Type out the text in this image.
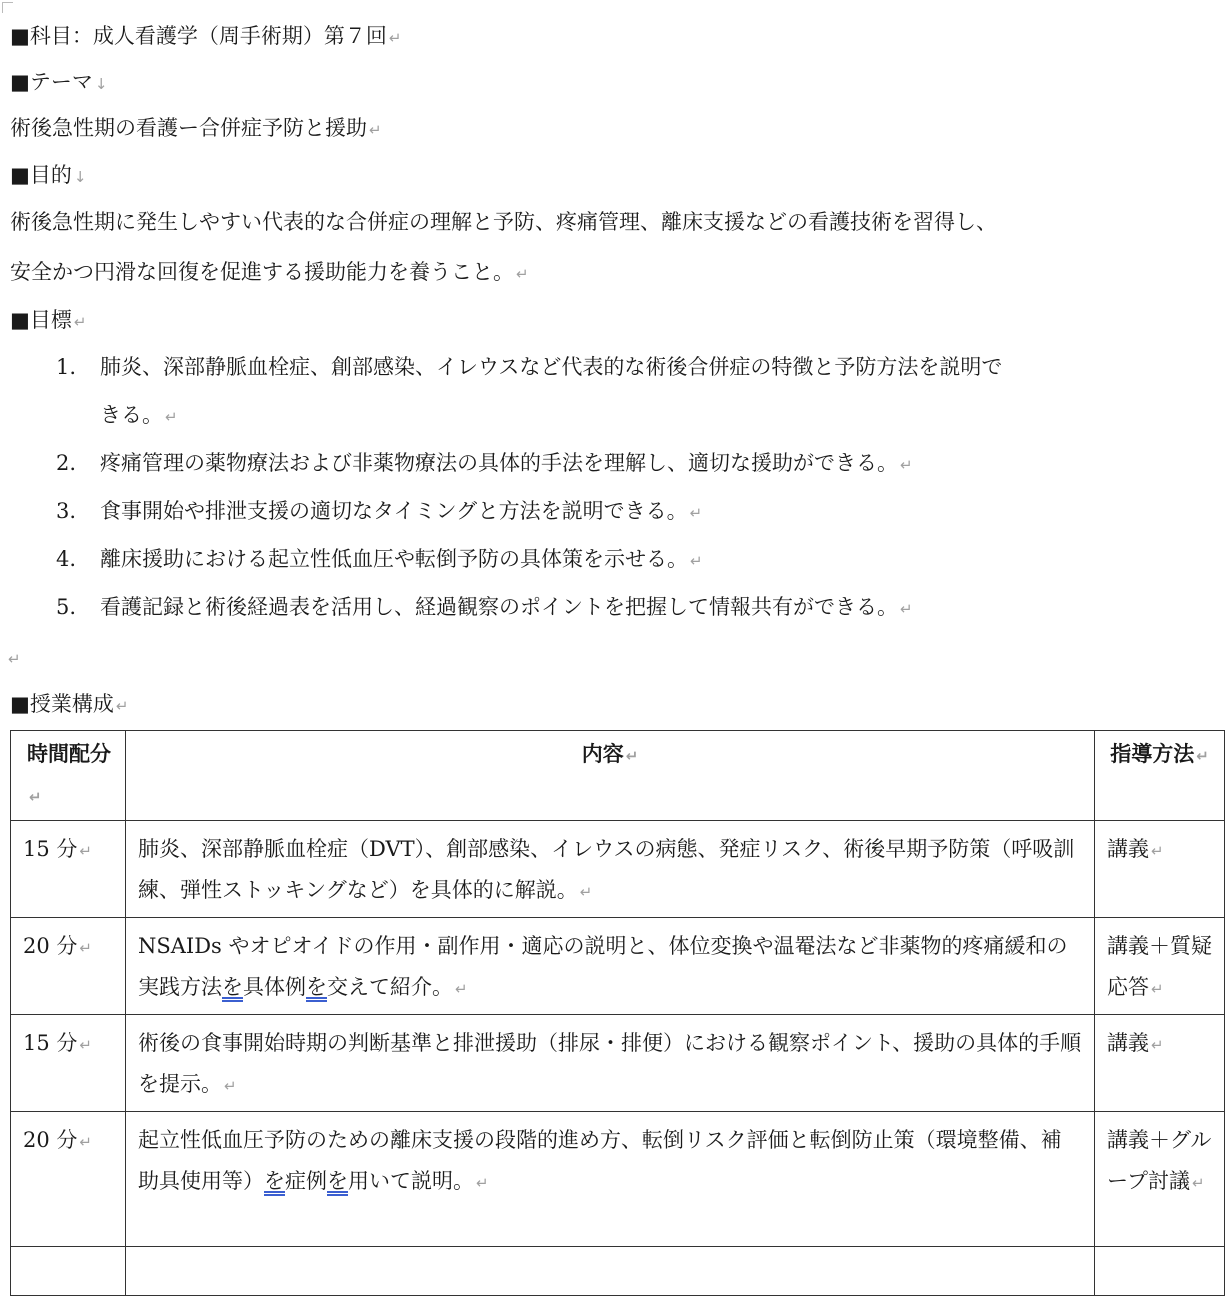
■科目：成人看護学（周手術期）第７回 ↵
■テーマ ↓
術後急性期の看護ー合併症予防と援助 ↵
■目的 ↓
術後急性期に発生しやすい代表的な合併症の理解と予防、疼痛管理、離床支援などの看護技術を習得し、
安全かつ円滑な回復を促進する援助能力を養うこと。 ↵
■目標 ↵
1. 肺炎、深部静脈血栓症、創部感染、イレウスなど代表的な術後合併症の特徴と予防方法を説明で
きる。 ↵
2. 疼痛管理の薬物療法および非薬物療法の具体的手法を理解し、適切な援助ができる。 ↵
3. 食事開始や排泄支援の適切なタイミングと方法を説明できる。 ↵
4. 離床援助における起立性低血圧や転倒予防の具体策を示せる。 ↵
5. 看護記録と術後経過表を活用し、経過観察のポイントを把握して情報共有ができる。 ↵
↵
■授業構成 ↵
時間配分↵	内容 ↵	指導方法 ↵
15 分 ↵	肺炎、深部静脈血栓症（DVT）、創部感染、イレウスの病態、発症リスク、術後早期予防策（呼吸訓練、弾性ストッキングなど）を具体的に解説。 ↵	講義 ↵
20 分 ↵	NSAIDs やオピオイドの作用・副作用・適応の説明と、体位変換や温罨法など非薬物的疼痛緩和の実践方法を具体例を交えて紹介。 ↵	講義＋質疑応答 ↵
15 分 ↵	術後の食事開始時期の判断基準と排泄援助（排尿・排便）における観察ポイント、援助の具体的手順を提示。 ↵	講義 ↵
20 分 ↵	起立性低血圧予防のための離床支援の段階的進め方、転倒リスク評価と転倒防止策（環境整備、補助具使用等）を症例を用いて説明。 ↵	講義＋グループ討議 ↵
